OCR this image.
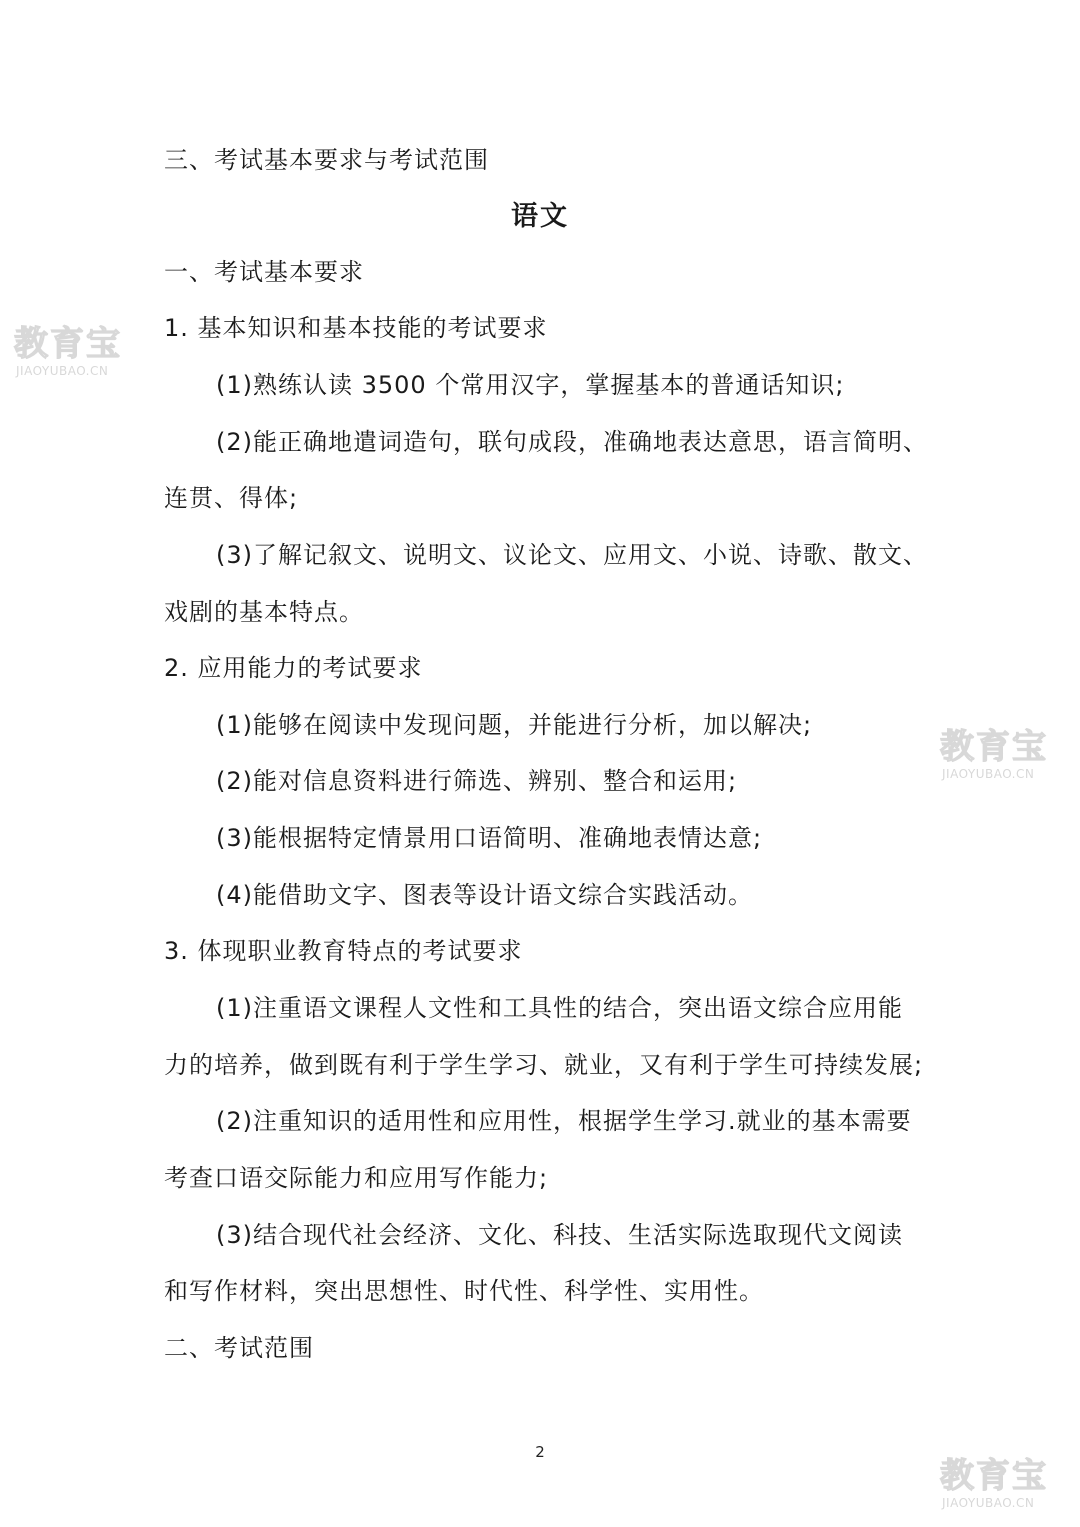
三、考试基本要求与考试范围
语文
一、考试基本要求
1. 基本知识和基本技能的考试要求
(1)熟练认读 3500 个常用汉字，掌握基本的普通话知识;
(2)能正确地遣词造句，联句成段，准确地表达意思，语言简明、
连贯、得体;
(3)了解记叙文、说明文、议论文、应用文、小说、诗歌、散文、
戏剧的基本特点。
2. 应用能力的考试要求
(1)能够在阅读中发现问题，并能进行分析，加以解决;
(2)能对信息资料进行筛选、辨别、整合和运用;
(3)能根据特定情景用口语简明、准确地表情达意;
(4)能借助文字、图表等设计语文综合实践活动。
3. 体现职业教育特点的考试要求
(1)注重语文课程人文性和工具性的结合，突出语文综合应用能
力的培养，做到既有利于学生学习、就业，又有利于学生可持续发展;
(2)注重知识的适用性和应用性，根据学生学习.就业的基本需要
考查口语交际能力和应用写作能力;
(3)结合现代社会经济、文化、科技、生活实际选取现代文阅读
和写作材料，突出思想性、时代性、科学性、实用性。
二、考试范围
2
教育宝
JIAOYUBAO.CN
教育宝
JIAOYUBAO.CN
教育宝
JIAOYUBAO.CN
